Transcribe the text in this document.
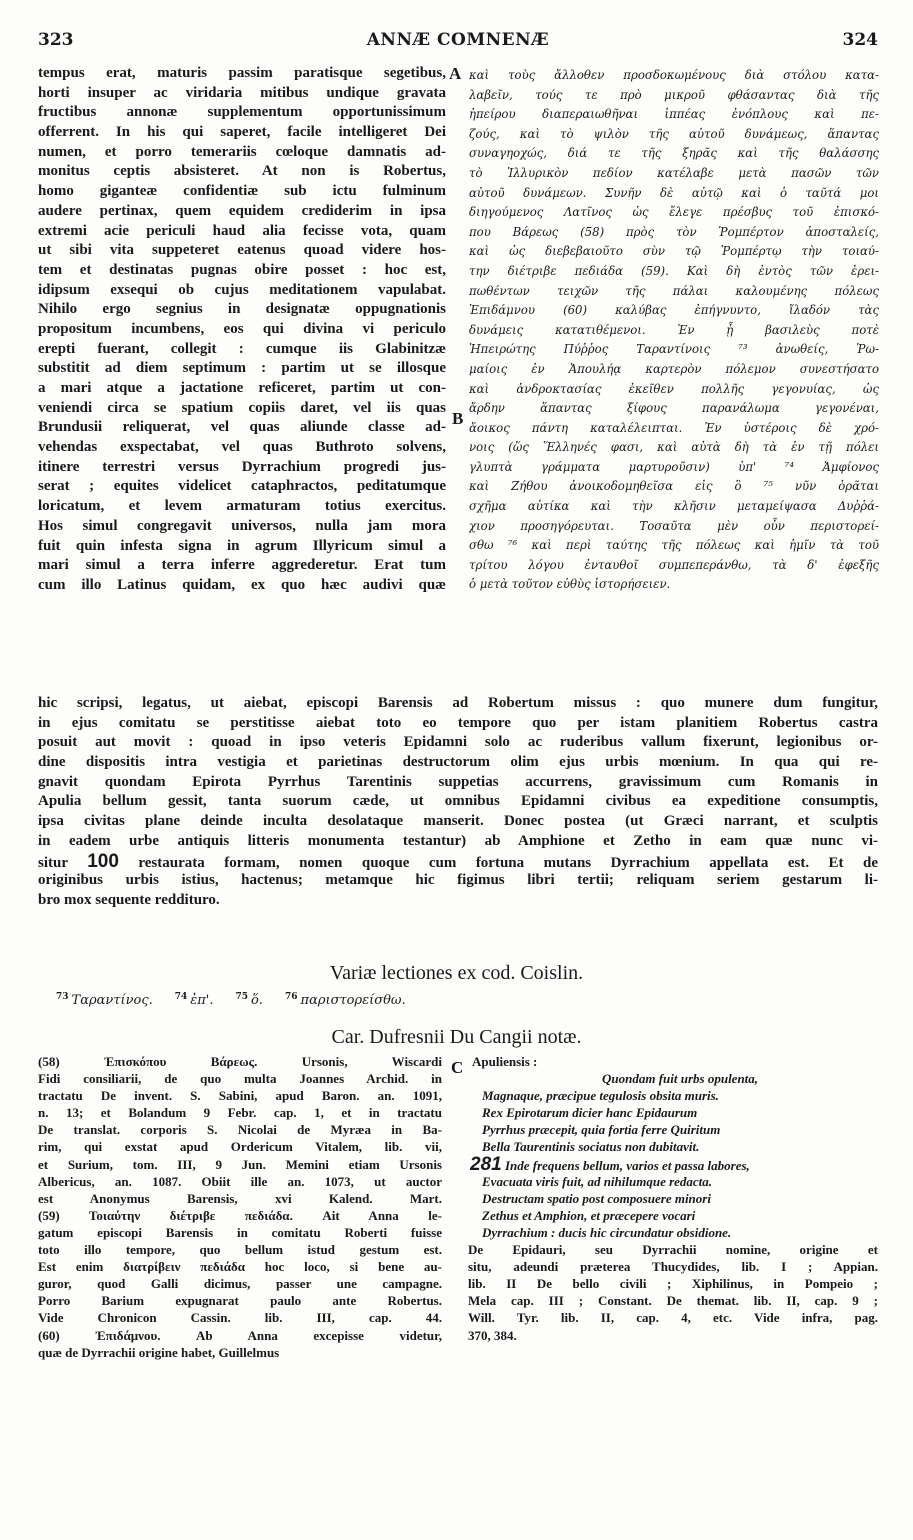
323	ANNÆ COMNENÆ	324
A
B
C
tempus erat, maturis passim paratisque segetibus,
horti insuper ac viridaria mitibus undique gravata
fructibus annonæ supplementum opportunissimum
offerrent. In his qui saperet, facile intelligeret Dei
numen, et porro temerariis cœloque damnatis ad-
monitus ceptis absisteret. At non is Robertus,
homo giganteæ confidentiæ sub ictu fulminum
audere pertinax, quem equidem crediderim in ipsa
extremi acie periculi haud alia fecisse vota, quam
ut sibi vita suppeteret eatenus quoad videre hos-
tem et destinatas pugnas obire posset : hoc est,
idipsum exsequi ob cujus meditationem vapulabat.
Nihilo ergo segnius in designatæ oppugnationis
propositum incumbens, eos qui divina vi periculo
erepti fuerant, collegit : cumque iis Glabinitzæ
substitit ad diem septimum : partim ut se illosque
a mari atque a jactatione reficeret, partim ut con-
veniendi circa se spatium copiis daret, vel iis quas
Brundusii reliquerat, vel quas aliunde classe ad-
vehendas exspectabat, vel quas Buthroto solvens,
itinere terrestri versus Dyrrachium progredi jus-
serat ; equites videlicet cataphractos, peditatumque
loricatum, et levem armaturam totius exercitus.
Hos simul congregavit universos, nulla jam mora
fuit quin infesta signa in agrum Illyricum simul a
mari simul a terra inferre aggrederetur. Erat tum
cum illo Latinus quidam, ex quo hæc audivi quæ
καὶ τοὺς ἄλλοθεν προσδοκωμένους διὰ στόλου κατα-
λαβεῖν, τούς τε πρὸ μικροῦ φθάσαντας διὰ τῆς
ἠπείρου διαπεραιωθῆναι ἱππέας ἐνόπλους καὶ πε-
ζούς, καὶ τὸ ψιλὸν τῆς αὐτοῦ δυνάμεως, ἅπαντας
συναγηοχώς, διά τε τῆς ξηρᾶς καὶ τῆς θαλάσσης
τὸ Ἰλλυρικὸν πεδίον κατέλαβε μετὰ πασῶν τῶν
αὐτοῦ δυνάμεων. Συνῆν δὲ αὐτῷ καὶ ὁ ταῦτά μοι
διηγούμενος Λατῖνος ὡς ἔλεγε πρέσβυς τοῦ ἐπισκό-
που Βάρεως (58) πρὸς τὸν Ῥομπέρτον ἀποσταλείς,
καὶ ὡς διεβεβαιοῦτο σὺν τῷ Ῥομπέρτῳ τὴν τοιαύ-
την διέτριβε πεδιάδα (59). Καὶ δὴ ἐντὸς τῶν ἐρει-
πωθέντων τειχῶν τῆς πάλαι καλουμένης πόλεως
Ἐπιδάμνου (60) καλύβας ἐπήγνυντο, ἴλαδόν τὰς
δυνάμεις κατατιθέμενοι. Ἐν ᾗ βασιλεὺς ποτὲ
Ἠπειρώτης Πύῤῥος Ταραντίνοις ⁷³ ἀνωθείς, Ῥω-
μαίοις ἐν Ἀπουλήᾳ καρτερὸν πόλεμον συνεστήσατο
καὶ ἀνδροκτασίας ἐκεῖθεν πολλῆς γεγονυίας, ὡς
ἄρδην ἅπαντας ξίφους παρανάλωμα γεγονέναι,
ἄοικος πάντη καταλέλειπται. Ἐν ὑστέροις δὲ χρό-
νοις (ὥς Ἕλληνές φασι, καὶ αὐτὰ δὴ τὰ ἐν τῇ πόλει
γλυπτὰ γράμματα μαρτυροῦσιν) ὑπ' ⁷⁴ Ἀμφίονος
καὶ Ζήθου ἀνοικοδομηθεῖσα εἰς ὃ ⁷⁵ νῦν ὁρᾶται
σχῆμα αὐτίκα καὶ τὴν κλῆσιν μεταμείψασα Δυῤῥά-
χιον προσηγόρευται. Τοσαῦτα μὲν οὖν περιστορεί-
σθω ⁷⁶ καὶ περὶ ταύτης τῆς πόλεως καὶ ἡμῖν τὰ τοῦ
τρίτου λόγου ἐνταυθοῖ συμπεπεράνθω, τὰ δ' ἐφεξῆς
ὁ μετὰ τοῦτον εὐθὺς ἱστορήσειεν.
hic scripsi, legatus, ut aiebat, episcopi Barensis ad Robertum missus : quo munere dum fungitur,
in ejus comitatu se perstitisse aiebat toto eo tempore quo per istam planitiem Robertus castra
posuit aut movit : quoad in ipso veteris Epidamni solo ac ruderibus vallum fixerunt, legionibus or-
dine dispositis intra vestigia et parietinas destructorum olim ejus urbis mœnium. In qua qui re-
gnavit quondam Epirota Pyrrhus Tarentinis suppetias accurrens, gravissimum cum Romanis in
Apulia bellum gessit, tanta suorum cæde, ut omnibus Epidamni civibus ea expeditione consumptis,
ipsa civitas plane deinde inculta desolataque manserit. Donec postea (ut Græci narrant, et sculptis
in eadem urbe antiquis litteris monumenta testantur) ab Amphione et Zetho in eam quæ nunc vi-
situr 100 restaurata formam, nomen quoque cum fortuna mutans Dyrrachium appellata est. Et de
originibus urbis istius, hactenus; metamque hic figimus libri tertii; reliquam seriem gestarum li-
bro mox sequente reddituro.
Variæ lectiones ex cod. Coislin.
$^{73}$ Ταραντίνος. $^{74}$ ἐπ'. $^{75}$ ὅ. $^{76}$ παριστορείσθω.
Car. Dufresnii Du Cangii notæ.
(58) Ἐπισκόπου Βάρεως. Ursonis, Wiscardi
Fidi consiliarii, de quo multa Joannes Archid. in
tractatu De invent. S. Sabini, apud Baron. an. 1091,
n. 13; et Bolandum 9 Febr. cap. 1, et in tractatu
De translat. corporis S. Nicolai de Myræa in Ba-
rim, qui exstat apud Ordericum Vitalem, lib. vii,
et Surium, tom. III, 9 Jun. Memini etiam Ursonis
Albericus, an. 1087. Obiit ille an. 1073, ut auctor
est Anonymus Barensis, xvi Kalend. Mart.
(59) Τοιαύτην διέτριβε πεδιάδα. Ait Anna le-
gatum episcopi Barensis in comitatu Roberti fuisse
toto illo tempore, quo bellum istud gestum est.
Est enim διατρίβειν πεδιάδα hoc loco, si bene au-
guror, quod Galli dicimus, passer une campagne.
Porro Barium expugnarat paulo ante Robertus.
Vide Chronicon Cassin. lib. III, cap. 44.
(60) Ἐπιδάμνου. Ab Anna excepisse videtur,
quæ de Dyrrachii origine habet, Guillelmus
Apuliensis :
Quondam fuit urbs opulenta,
Magnaque, præcipue tegulosis obsita muris.
Rex Epirotarum dicier hanc Epidaurum
Pyrrhus præcepit, quia fortia ferre Quiritum
Bella Taurentinis sociatus non dubitavit.
281 Inde frequens bellum, varios et passa labores,
Evacuata viris fuit, ad nihilumque redacta.
Destructam spatio post composuere minori
Zethus et Amphion, et præcepere vocari
Dyrrachium : ducis hic circundatur obsidione.
De Epidauri, seu Dyrrachii nomine, origine et
situ, adeundi præterea Thucydides, lib. I ; Appian.
lib. II De bello civili ; Xiphilinus, in Pompeio ;
Mela cap. III ; Constant. De themat. lib. II, cap. 9 ;
Will. Tyr. lib. II, cap. 4, etc. Vide infra, pag.
370, 384.
